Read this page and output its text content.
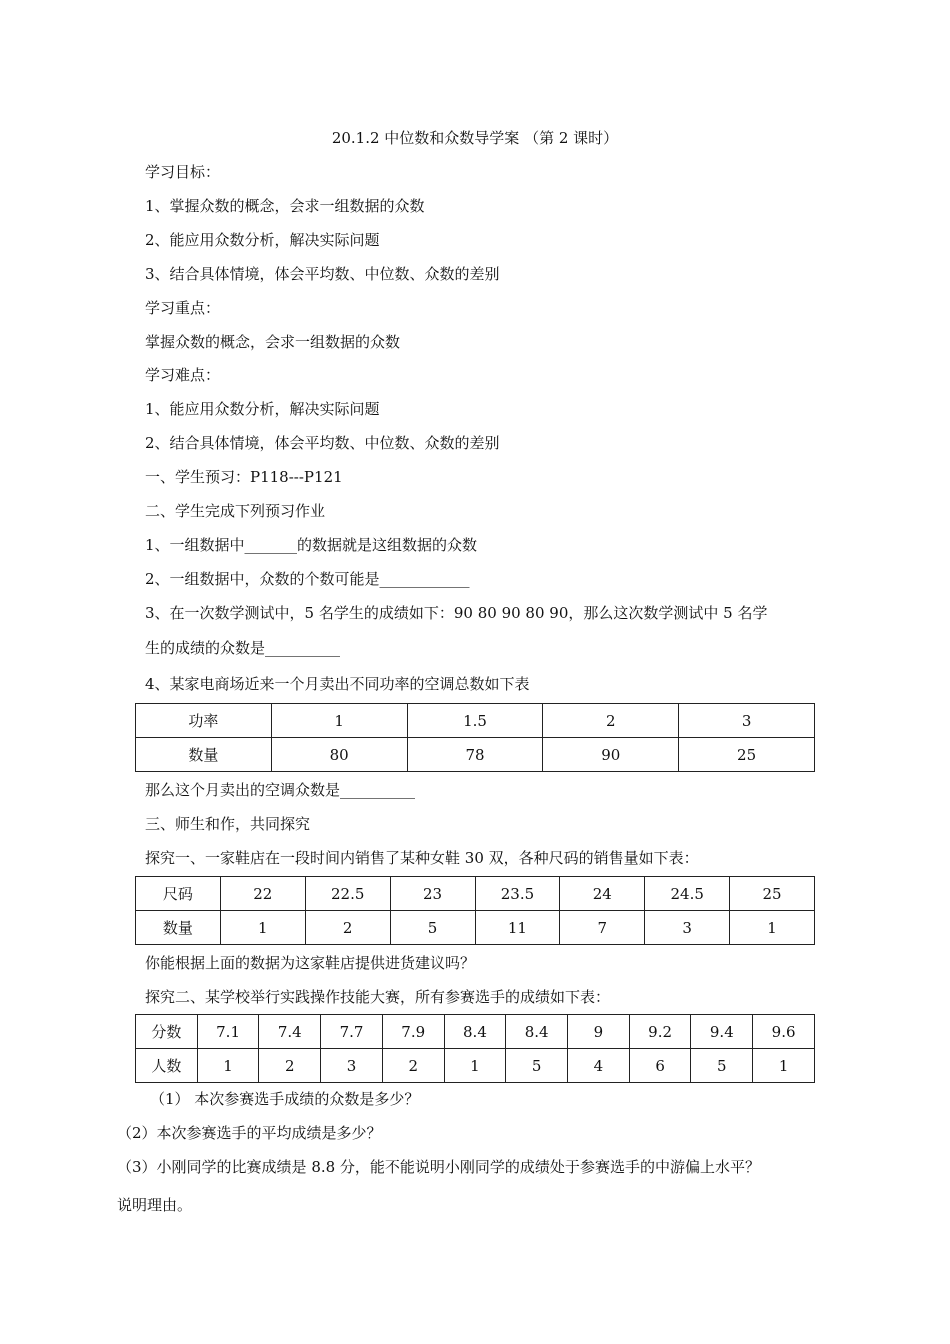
20.1.2 中位数和众数导学案 （第 2 课时）
学习目标：
1、掌握众数的概念，会求一组数据的众数
2、能应用众数分析，解决实际问题
3、结合具体情境，体会平均数、中位数、众数的差别
学习重点：
掌握众数的概念，会求一组数据的众数
学习难点：
1、能应用众数分析，解决实际问题
2、结合具体情境，体会平均数、中位数、众数的差别
一、学生预习：P118---P121
二、学生完成下列预习作业
1、一组数据中_______的数据就是这组数据的众数
2、一组数据中，众数的个数可能是____________
3、在一次数学测试中，5 名学生的成绩如下：90 80 90 80 90，那么这次数学测试中 5 名学
生的成绩的众数是__________
4、某家电商场近来一个月卖出不同功率的空调总数如下表
功率	1	1.5	2	3
数量	80	78	90	25
那么这个月卖出的空调众数是__________
三、师生和作，共同探究
探究一、一家鞋店在一段时间内销售了某种女鞋 30 双，各种尺码的销售量如下表：
尺码	22	22.5	23	23.5	24	24.5	25
数量	1	2	5	11	7	3	1
你能根据上面的数据为这家鞋店提供进货建议吗？
探究二、某学校举行实践操作技能大赛，所有参赛选手的成绩如下表：
分数	7.1	7.4	7.7	7.9	8.4	8.4	9	9.2	9.4	9.6
人数	1	2	3	2	1	5	4	6	5	1
（1） 本次参赛选手成绩的众数是多少？
（2）本次参赛选手的平均成绩是多少？
（3）小刚同学的比赛成绩是 8.8 分，能不能说明小刚同学的成绩处于参赛选手的中游偏上水平？
说明理由。
